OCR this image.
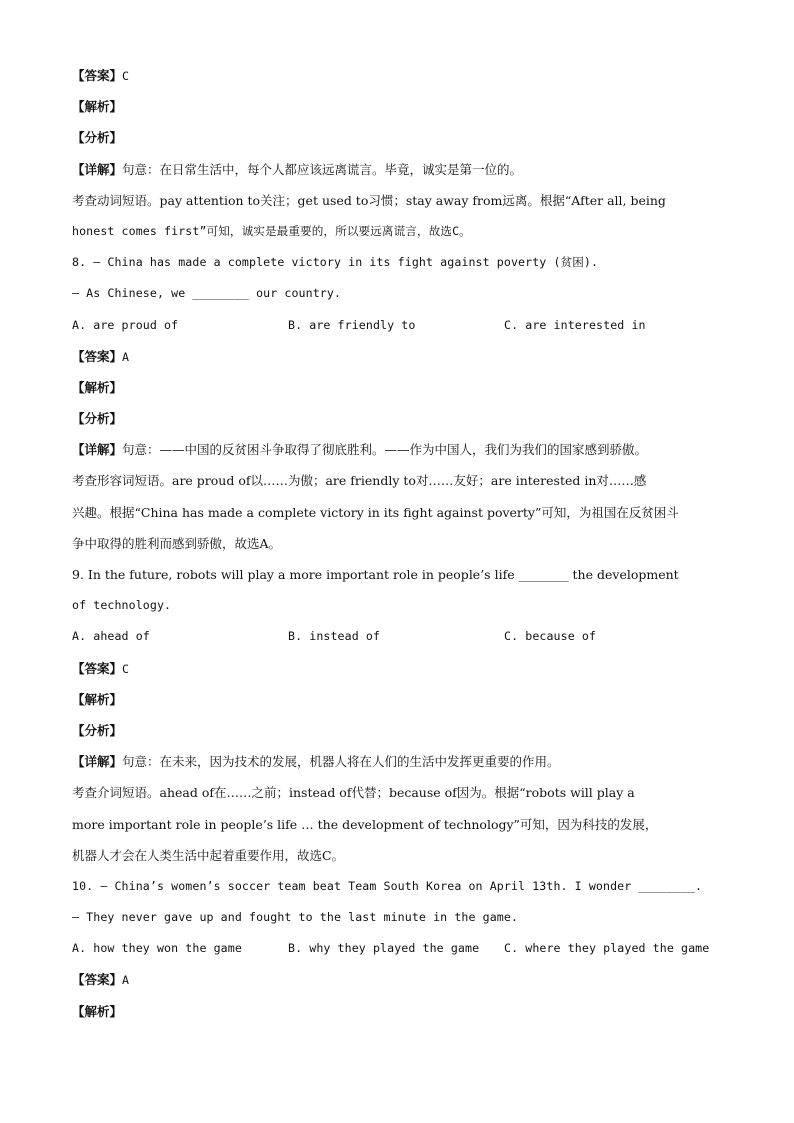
【答案】C
【解析】
【分析】
【详解】句意：在日常生活中，每个人都应该远离谎言。毕竟，诚实是第一位的。
考查动词短语。pay attention to关注；get used to习惯；stay away from远离。根据“After all, being
honest comes first”可知，诚实是最重要的，所以要远离谎言，故选C。
8. — China has made a complete victory in its fight against poverty (贫困).
— As Chinese, we ________ our country.
A. are proud of	B. are friendly to	C. are interested in
【答案】A
【解析】
【分析】
【详解】句意：——中国的反贫困斗争取得了彻底胜利。——作为中国人，我们为我们的国家感到骄傲。
考查形容词短语。are proud of以……为傲；are friendly to对……友好；are interested in对……感
兴趣。根据“China has made a complete victory in its fight against poverty”可知，为祖国在反贫困斗
争中取得的胜利而感到骄傲，故选A。
9. In the future, robots will play a more important role in people’s life ________ the development
of technology.
A. ahead of	B. instead of	C. because of
【答案】C
【解析】
【分析】
【详解】句意：在未来，因为技术的发展，机器人将在人们的生活中发挥更重要的作用。
考查介词短语。ahead of在……之前；instead of代替；because of因为。根据“robots will play a
more important role in people’s life … the development of technology”可知，因为科技的发展，
机器人才会在人类生活中起着重要作用，故选C。
10. — China’s women’s soccer team beat Team South Korea on April 13th. I wonder ________.
— They never gave up and fought to the last minute in the game.
A. how they won the game	B. why they played the game	C. where they played the game
【答案】A
【解析】
